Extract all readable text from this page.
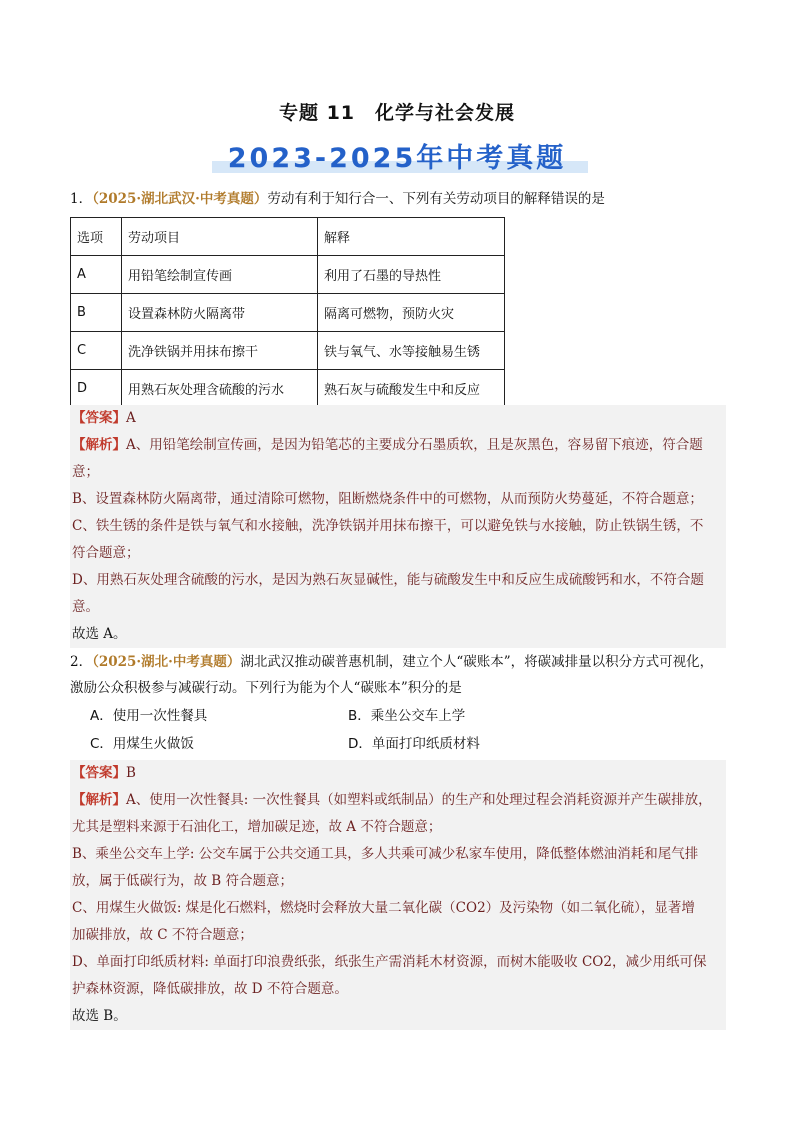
专题 11　化学与社会发展
2023-2025年中考真题
1．（2025·湖北武汉·中考真题）劳动有利于知行合一、下列有关劳动项目的解释错误的是
选项	劳动项目	解释
A	用铅笔绘制宣传画	利用了石墨的导热性
B	设置森林防火隔离带	隔离可燃物，预防火灾
C	洗净铁锅并用抹布擦干	铁与氧气、水等接触易生锈
D	用熟石灰处理含硫酸的污水	熟石灰与硫酸发生中和反应
【答案】A
【解析】A、用铅笔绘制宣传画，是因为铅笔芯的主要成分石墨质软，且是灰黑色，容易留下痕迹，符合题
意；
B、设置森林防火隔离带，通过清除可燃物，阻断燃烧条件中的可燃物，从而预防火势蔓延，不符合题意；
C、铁生锈的条件是铁与氧气和水接触，洗净铁锅并用抹布擦干，可以避免铁与水接触，防止铁锅生锈，不
符合题意；
D、用熟石灰处理含硫酸的污水，是因为熟石灰显碱性，能与硫酸发生中和反应生成硫酸钙和水，不符合题
意。
故选 A。
2．（2025·湖北·中考真题）湖北武汉推动碳普惠机制，建立个人“碳账本”，将碳减排量以积分方式可视化，
激励公众积极参与减碳行动。下列行为能为个人“碳账本”积分的是
A．使用一次性餐具	B．乘坐公交车上学
C．用煤生火做饭	D．单面打印纸质材料
【答案】B
【解析】A、使用一次性餐具: 一次性餐具（如塑料或纸制品）的生产和处理过程会消耗资源并产生碳排放，
尤其是塑料来源于石油化工，增加碳足迹，故 A 不符合题意；
B、乘坐公交车上学: 公交车属于公共交通工具，多人共乘可减少私家车使用，降低整体燃油消耗和尾气排
放，属于低碳行为，故 B 符合题意；
C、用煤生火做饭: 煤是化石燃料，燃烧时会释放大量二氧化碳（CO2）及污染物（如二氧化硫），显著增
加碳排放，故 C 不符合题意；
D、单面打印纸质材料: 单面打印浪费纸张，纸张生产需消耗木材资源，而树木能吸收 CO2，减少用纸可保
护森林资源，降低碳排放，故 D 不符合题意。
故选 B。
